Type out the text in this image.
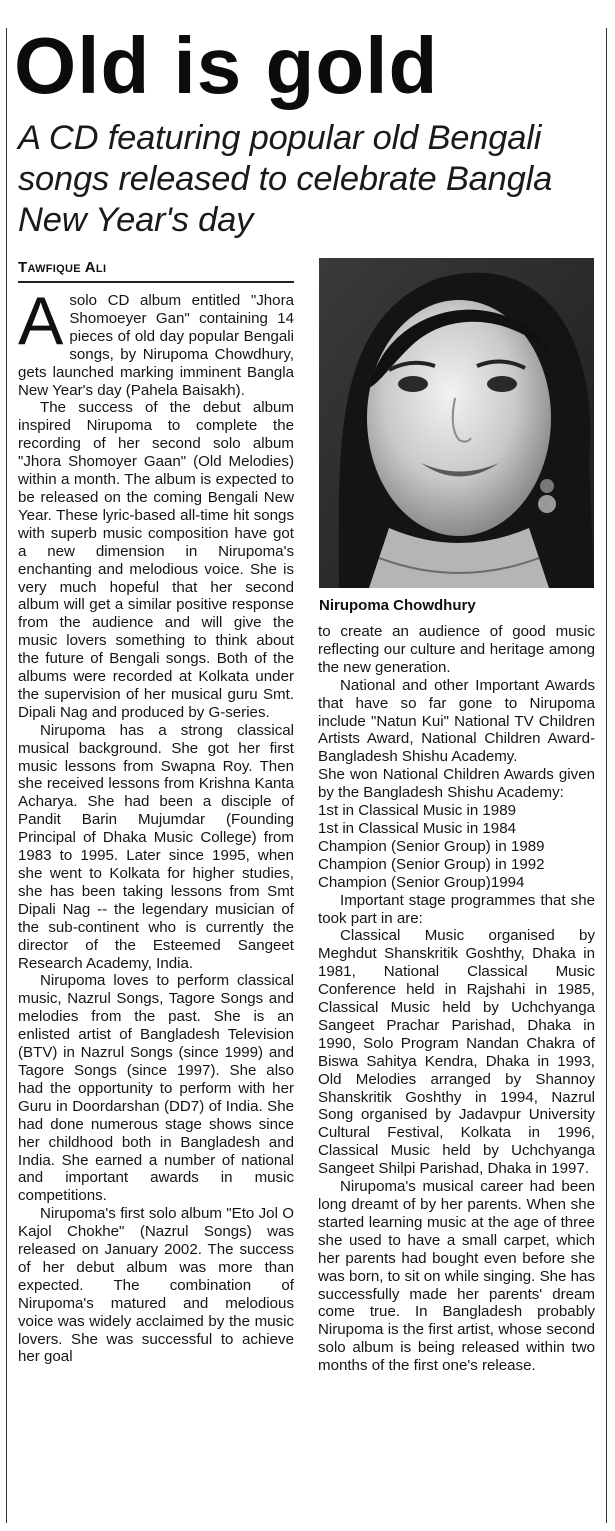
Old is gold
A CD featuring popular old Bengali songs released to celebrate Bangla New Year's day
Tawfique Ali

A solo CD album entitled "Jhora Shomoeyer Gan" containing 14 pieces of old day popular Bengali songs, by Nirupoma Chowdhury, gets launched marking imminent Bangla New Year's day (Pahela Baisakh).

The success of the debut album inspired Nirupoma to complete the recording of her second solo album "Jhora Shomoyer Gaan" (Old Melodies) within a month. The album is expected to be released on the coming Bengali New Year. These lyric-based all-time hit songs with superb music composition have got a new dimension in Nirupoma's enchanting and melodious voice. She is very much hopeful that her second album will get a similar positive response from the audience and will give the music lovers something to think about the future of Bengali songs. Both of the albums were recorded at Kolkata under the supervision of her musical guru Smt. Dipali Nag and produced by G-series.

Nirupoma has a strong classical musical background. She got her first music lessons from Swapna Roy. Then she received lessons from Krishna Kanta Acharya. She had been a disciple of Pandit Barin Mujumdar (Founding Principal of Dhaka Music College) from 1983 to 1995. Later since 1995, when she went to Kolkata for higher studies, she has been taking lessons from Smt Dipali Nag -- the legendary musician of the sub-continent who is currently the director of the Esteemed Sangeet Research Academy, India.

Nirupoma loves to perform classical music, Nazrul Songs, Tagore Songs and melodies from the past. She is an enlisted artist of Bangladesh Television (BTV) in Nazrul Songs (since 1999) and Tagore Songs (since 1997). She also had the opportunity to perform with her Guru in Doordarshan (DD7) of India. She had done numerous stage shows since her childhood both in Bangladesh and India. She earned a number of national and important awards in music competitions.

Nirupoma's first solo album "Eto Jol O Kajol Chokhe" (Nazrul Songs) was released on January 2002. The success of her debut album was more than expected. The combination of Nirupoma's matured and melodious voice was widely acclaimed by the music lovers. She was successful to achieve her goal

Nirupoma Chowdhury

to create an audience of good music reflecting our culture and heritage among the new generation.

National and other Important Awards that have so far gone to Nirupoma include "Natun Kui" National TV Children Artists Award, National Children Award-Bangladesh Shishu Academy.

She won National Children Awards given by the Bangladesh Shishu Academy:

1st in Classical Music in 1989

1st in Classical Music in 1984

Champion (Senior Group) in 1989

Champion (Senior Group) in 1992

Champion (Senior Group)1994

Important stage programmes that she took part in are:

Classical Music organised by Meghdut Shanskritik Goshthy, Dhaka in 1981, National Classical Music Conference held in Rajshahi in 1985, Classical Music held by Uchchyanga Sangeet Prachar Parishad, Dhaka in 1990, Solo Program Nandan Chakra of Biswa Sahitya Kendra, Dhaka in 1993, Old Melodies arranged by Shannoy Shanskritik Goshthy in 1994, Nazrul Song organised by Jadavpur University Cultural Festival, Kolkata in 1996, Classical Music held by Uchchyanga Sangeet Shilpi Parishad, Dhaka in 1997.

Nirupoma's musical career had been long dreamt of by her parents. When she started learning music at the age of three she used to have a small carpet, which her parents had bought even before she was born, to sit on while singing. She has successfully made her parents' dream come true. In Bangladesh probably Nirupoma is the first artist, whose second solo album is being released within two months of the first one's release.
